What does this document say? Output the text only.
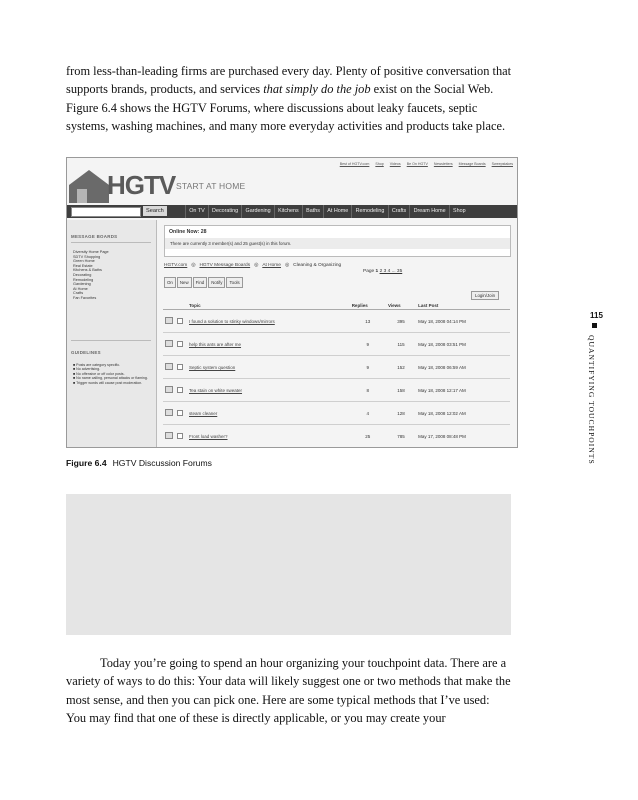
from less-than-leading firms are purchased every day. Plenty of positive conversation that supports brands, products, and services that simply do the job exist on the Social Web. Figure 6.4 shows the HGTV Forums, where discussions about leaky faucets, septic systems, washing machines, and many more everyday activities and products take place.

Best of HGTV.com Shop Videos Be On HGTV Newsletters Message Boards Sweepstakes
HGTV START AT HOME
Search	On TV	Decorating	Gardening	Kitchens	Baths	At Home	Remodeling	Crafts	Dream Home	Shop
MESSAGE BOARDS
Diversity Home Page
SDTV Shopping
Green Home
Real Estate
Kitchens & Baths
Decorating
Remodeling
Gardening
At Home
Crafts
Fan Favorites
GUIDELINES
■ Posts are category specific.
■ No advertising.
■ No offensive or off color posts.
■ No name calling, personal attacks or flaming.
■ Trigger words will cause post moderation.
Online Now: 28
There are currently 3 member(s) and 25 guest(s) in this forum.
HGTV.com ◎ HGTV Message Boards ◎ At Home ◎ Cleaning & Organizing
Page 1 2 3 4 ... 35
On	New	Find	Notify	Tools
Login/Join
		Topic	Replies	Views	Last Post
		I found a solution to stinky windows/mirrors	13	395	May 18, 2008 04:14 PM
		help this ants are after me	9	115	May 18, 2008 03:51 PM
		Septic system question	9	152	May 18, 2008 06:59 AM
		Tea stain on white sweater	8	158	May 18, 2008 12:17 AM
		steam cleaner	4	128	May 18, 2008 12:02 AM
		Front load washer?	25	785	May 17, 2008 08:48 PM

Figure 6.4 HGTV Discussion Forums

Today you’re going to spend an hour organizing your touchpoint data. There are a variety of ways to do this: Your data will likely suggest one or two methods that make the most sense, and then you can pick one. Here are some typical methods that I’ve used: You may find that one of these is directly applicable, or you may create your

115
QUANTIFYING TOUCHPOINTS
